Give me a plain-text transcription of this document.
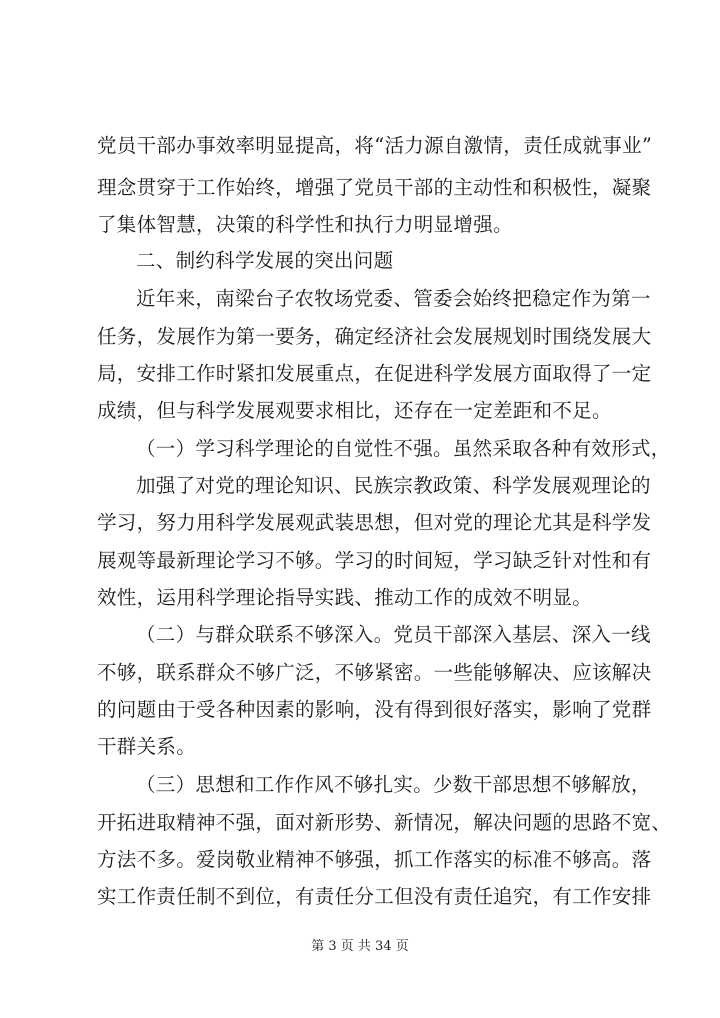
党员干部办事效率明显提高，将“活力源自激情，责任成就事业”
理念贯穿于工作始终，增强了党员干部的主动性和积极性，凝聚
了集体智慧，决策的科学性和执行力明显增强。
二、制约科学发展的突出问题
近年来，南梁台子农牧场党委、管委会始终把稳定作为第一
任务，发展作为第一要务，确定经济社会发展规划时围绕发展大
局，安排工作时紧扣发展重点，在促进科学发展方面取得了一定
成绩，但与科学发展观要求相比，还存在一定差距和不足。
（一）学习科学理论的自觉性不强。虽然采取各种有效形式，
加强了对党的理论知识、民族宗教政策、科学发展观理论的
学习，努力用科学发展观武装思想，但对党的理论尤其是科学发
展观等最新理论学习不够。学习的时间短，学习缺乏针对性和有
效性，运用科学理论指导实践、推动工作的成效不明显。
（二）与群众联系不够深入。党员干部深入基层、深入一线
不够，联系群众不够广泛，不够紧密。一些能够解决、应该解决
的问题由于受各种因素的影响，没有得到很好落实，影响了党群
干群关系。
（三）思想和工作作风不够扎实。少数干部思想不够解放，
开拓进取精神不强，面对新形势、新情况，解决问题的思路不宽、
方法不多。爱岗敬业精神不够强，抓工作落实的标准不够高。落
实工作责任制不到位，有责任分工但没有责任追究，有工作安排
第 3 页 共 34 页
